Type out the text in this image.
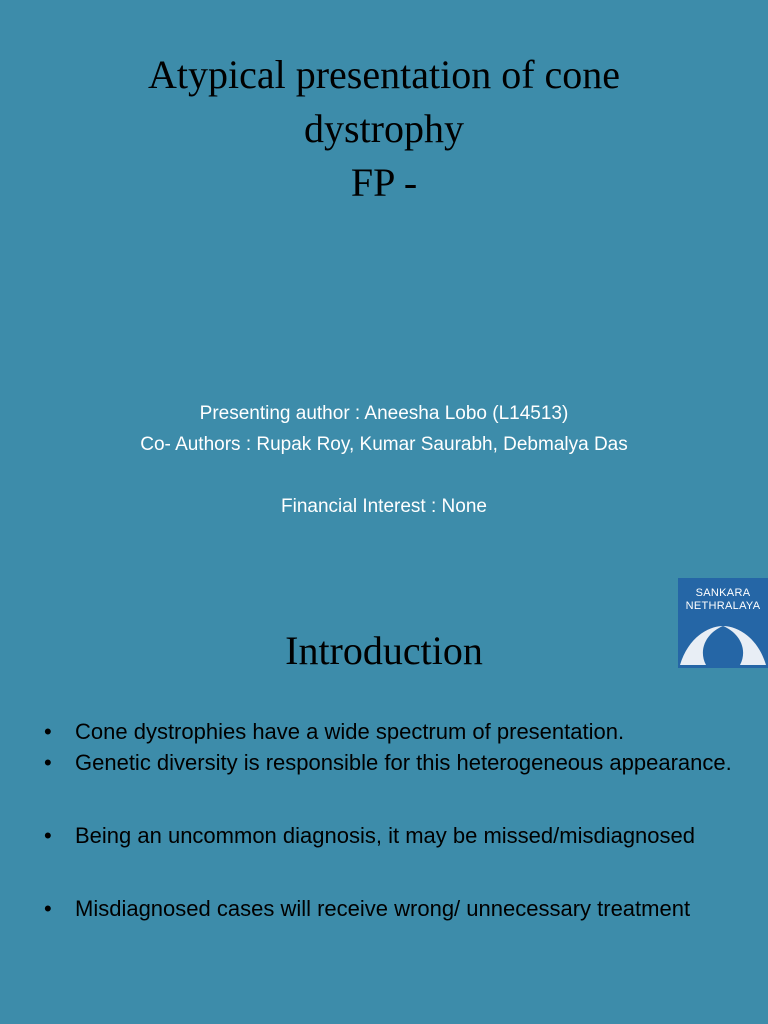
Atypical presentation of cone
dystrophy
FP -
Presenting author : Aneesha Lobo (L14513)
Co- Authors : Rupak Roy, Kumar Saurabh, Debmalya Das
Financial Interest : None
SANKARA
NETHRALAYA
Introduction
• Cone dystrophies have a wide spectrum of presentation.
• Genetic diversity is responsible for this heterogeneous appearance.
• Being an uncommon diagnosis, it may be missed/misdiagnosed
• Misdiagnosed cases will receive wrong/ unnecessary treatment
